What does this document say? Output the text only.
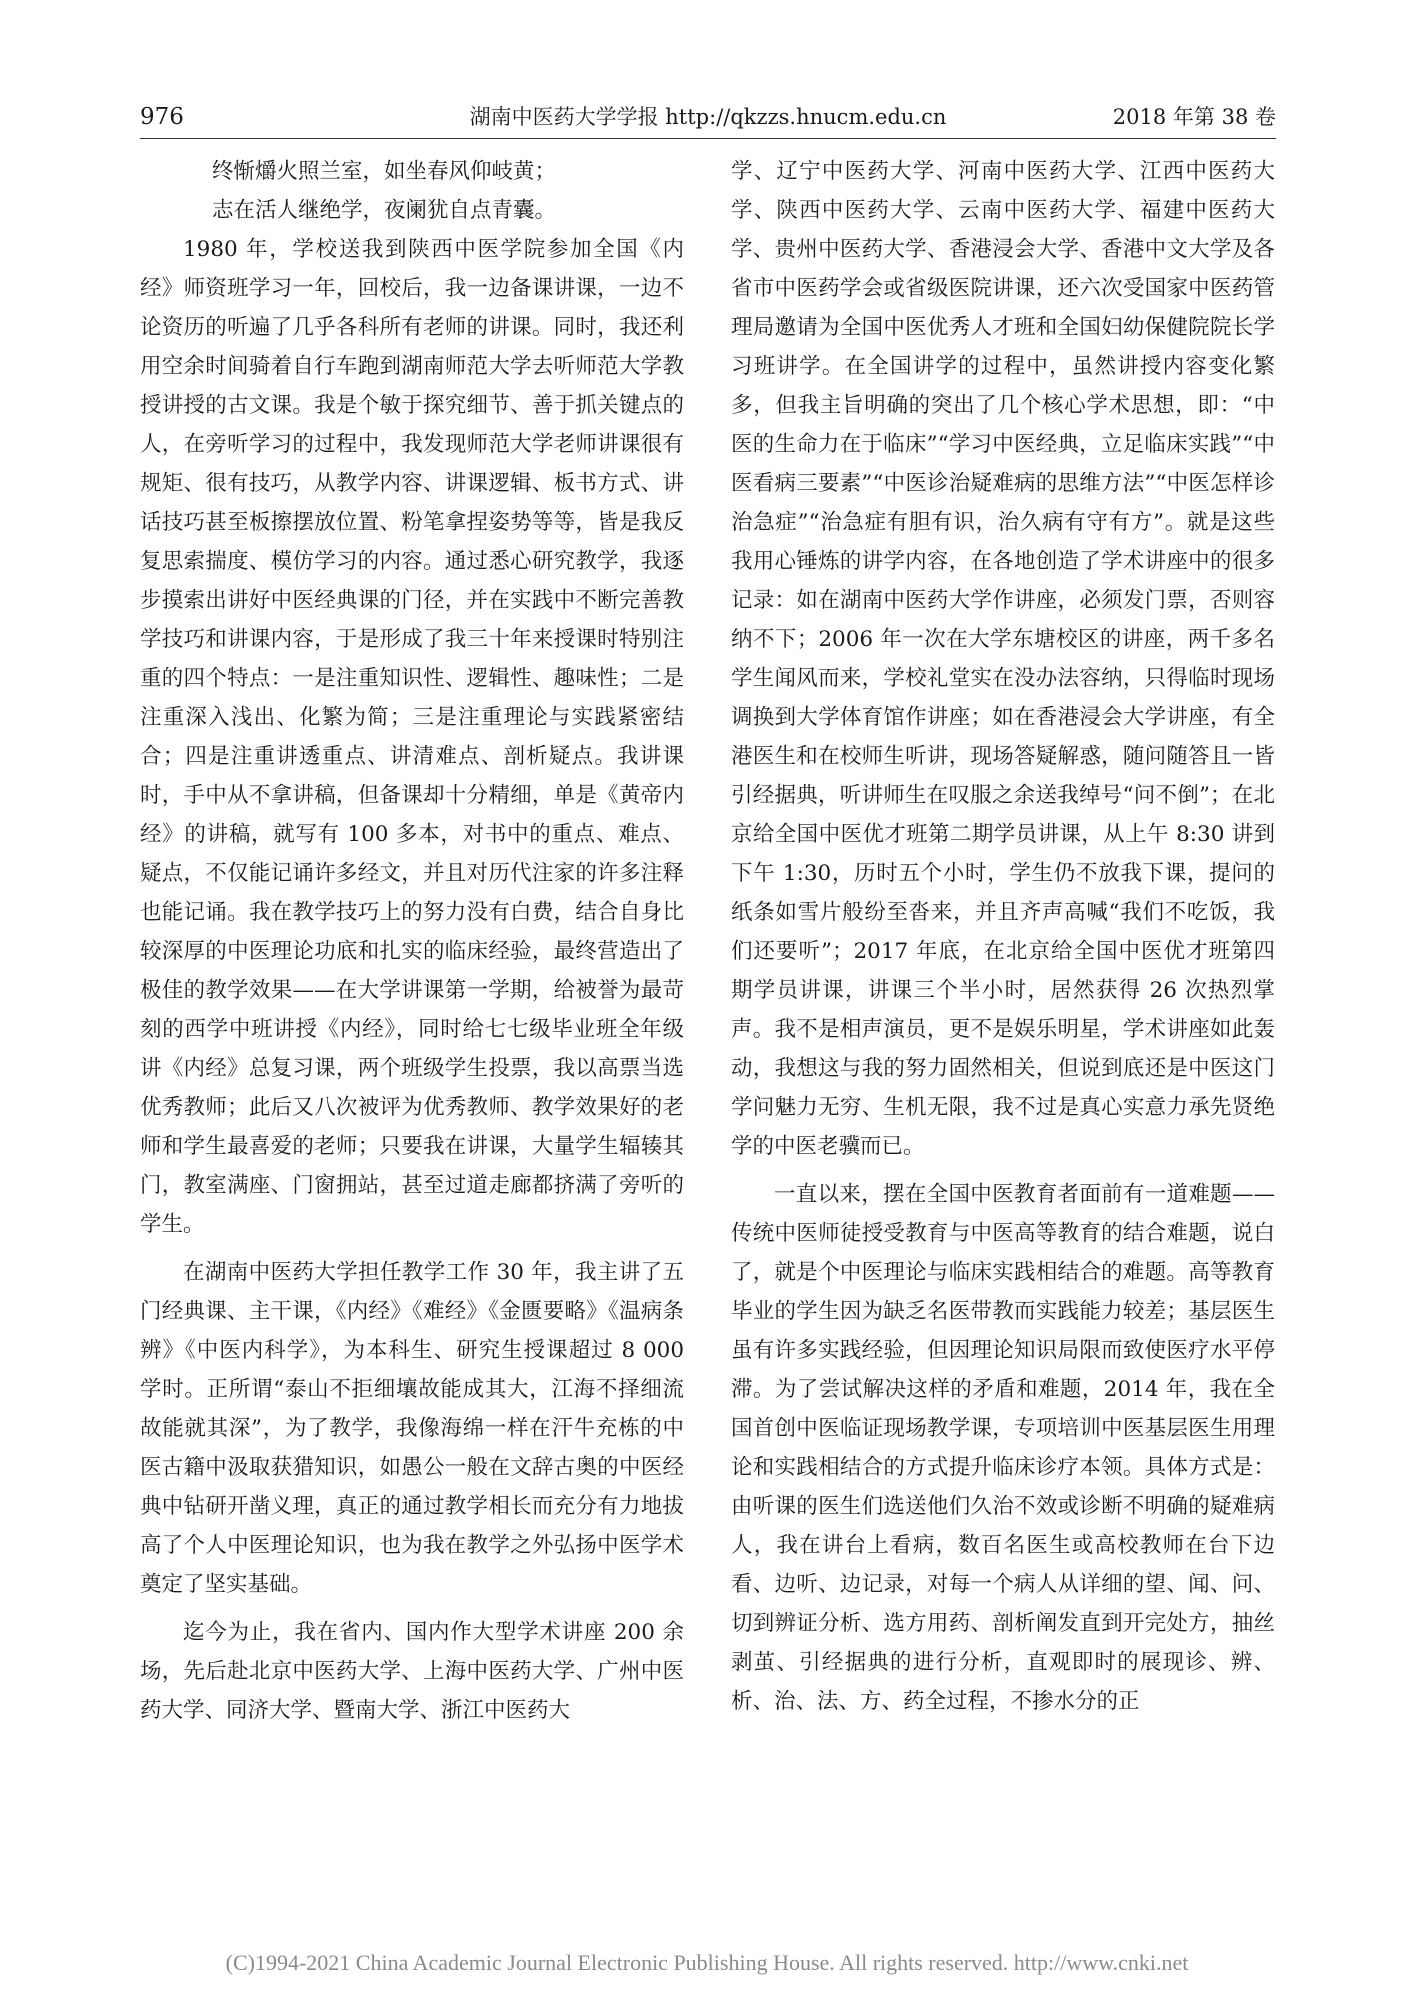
976	湖南中医药大学学报 http://qkzzs.hnucm.edu.cn	2018 年第 38 卷

终惭爝火照兰室，如坐春风仰岐黄；

志在活人继绝学，夜阑犹自点青囊。

1980 年，学校送我到陕西中医学院参加全国《内经》师资班学习一年，回校后，我一边备课讲课，一边不论资历的听遍了几乎各科所有老师的讲课。同时，我还利用空余时间骑着自行车跑到湖南师范大学去听师范大学教授讲授的古文课。我是个敏于探究细节、善于抓关键点的人，在旁听学习的过程中，我发现师范大学老师讲课很有规矩、很有技巧，从教学内容、讲课逻辑、板书方式、讲话技巧甚至板擦摆放位置、粉笔拿捏姿势等等，皆是我反复思索揣度、模仿学习的内容。通过悉心研究教学，我逐步摸索出讲好中医经典课的门径，并在实践中不断完善教学技巧和讲课内容，于是形成了我三十年来授课时特别注重的四个特点：一是注重知识性、逻辑性、趣味性；二是注重深入浅出、化繁为简；三是注重理论与实践紧密结合；四是注重讲透重点、讲清难点、剖析疑点。我讲课时，手中从不拿讲稿，但备课却十分精细，单是《黄帝内经》的讲稿，就写有 100 多本，对书中的重点、难点、疑点，不仅能记诵许多经文，并且对历代注家的许多注释也能记诵。我在教学技巧上的努力没有白费，结合自身比较深厚的中医理论功底和扎实的临床经验，最终营造出了极佳的教学效果——在大学讲课第一学期，给被誉为最苛刻的西学中班讲授《内经》，同时给七七级毕业班全年级讲《内经》总复习课，两个班级学生投票，我以高票当选优秀教师；此后又八次被评为优秀教师、教学效果好的老师和学生最喜爱的老师；只要我在讲课，大量学生辐辏其门，教室满座、门窗拥站，甚至过道走廊都挤满了旁听的学生。

在湖南中医药大学担任教学工作 30 年，我主讲了五门经典课、主干课，《内经》《难经》《金匮要略》《温病条辨》《中医内科学》，为本科生、研究生授课超过 8 000 学时。正所谓“泰山不拒细壤故能成其大，江海不择细流故能就其深”，为了教学，我像海绵一样在汗牛充栋的中医古籍中汲取获猎知识，如愚公一般在文辞古奥的中医经典中钻研开凿义理，真正的通过教学相长而充分有力地拔高了个人中医理论知识，也为我在教学之外弘扬中医学术奠定了坚实基础。

迄今为止，我在省内、国内作大型学术讲座 200 余场，先后赴北京中医药大学、上海中医药大学、广州中医药大学、同济大学、暨南大学、浙江中医药大

学、辽宁中医药大学、河南中医药大学、江西中医药大学、陕西中医药大学、云南中医药大学、福建中医药大学、贵州中医药大学、香港浸会大学、香港中文大学及各省市中医药学会或省级医院讲课，还六次受国家中医药管理局邀请为全国中医优秀人才班和全国妇幼保健院院长学习班讲学。在全国讲学的过程中，虽然讲授内容变化繁多，但我主旨明确的突出了几个核心学术思想，即：“中医的生命力在于临床”“学习中医经典，立足临床实践”“中医看病三要素”“中医诊治疑难病的思维方法”“中医怎样诊治急症”“治急症有胆有识，治久病有守有方”。就是这些我用心锤炼的讲学内容，在各地创造了学术讲座中的很多记录：如在湖南中医药大学作讲座，必须发门票，否则容纳不下；2006 年一次在大学东塘校区的讲座，两千多名学生闻风而来，学校礼堂实在没办法容纳，只得临时现场调换到大学体育馆作讲座；如在香港浸会大学讲座，有全港医生和在校师生听讲，现场答疑解惑，随问随答且一皆引经据典，听讲师生在叹服之余送我绰号“问不倒”；在北京给全国中医优才班第二期学员讲课，从上午 8:30 讲到下午 1:30，历时五个小时，学生仍不放我下课，提问的纸条如雪片般纷至沓来，并且齐声高喊“我们不吃饭，我们还要听”；2017 年底，在北京给全国中医优才班第四期学员讲课，讲课三个半小时，居然获得 26 次热烈掌声。我不是相声演员，更不是娱乐明星，学术讲座如此轰动，我想这与我的努力固然相关，但说到底还是中医这门学问魅力无穷、生机无限，我不过是真心实意力承先贤绝学的中医老骥而已。

一直以来，摆在全国中医教育者面前有一道难题——传统中医师徒授受教育与中医高等教育的结合难题，说白了，就是个中医理论与临床实践相结合的难题。高等教育毕业的学生因为缺乏名医带教而实践能力较差；基层医生虽有许多实践经验，但因理论知识局限而致使医疗水平停滞。为了尝试解决这样的矛盾和难题，2014 年，我在全国首创中医临证现场教学课，专项培训中医基层医生用理论和实践相结合的方式提升临床诊疗本领。具体方式是：由听课的医生们选送他们久治不效或诊断不明确的疑难病人，我在讲台上看病，数百名医生或高校教师在台下边看、边听、边记录，对每一个病人从详细的望、闻、问、切到辨证分析、选方用药、剖析阐发直到开完处方，抽丝剥茧、引经据典的进行分析，直观即时的展现诊、辨、析、治、法、方、药全过程，不掺水分的正

(C)1994-2021 China Academic Journal Electronic Publishing House. All rights reserved. http://www.cnki.net
